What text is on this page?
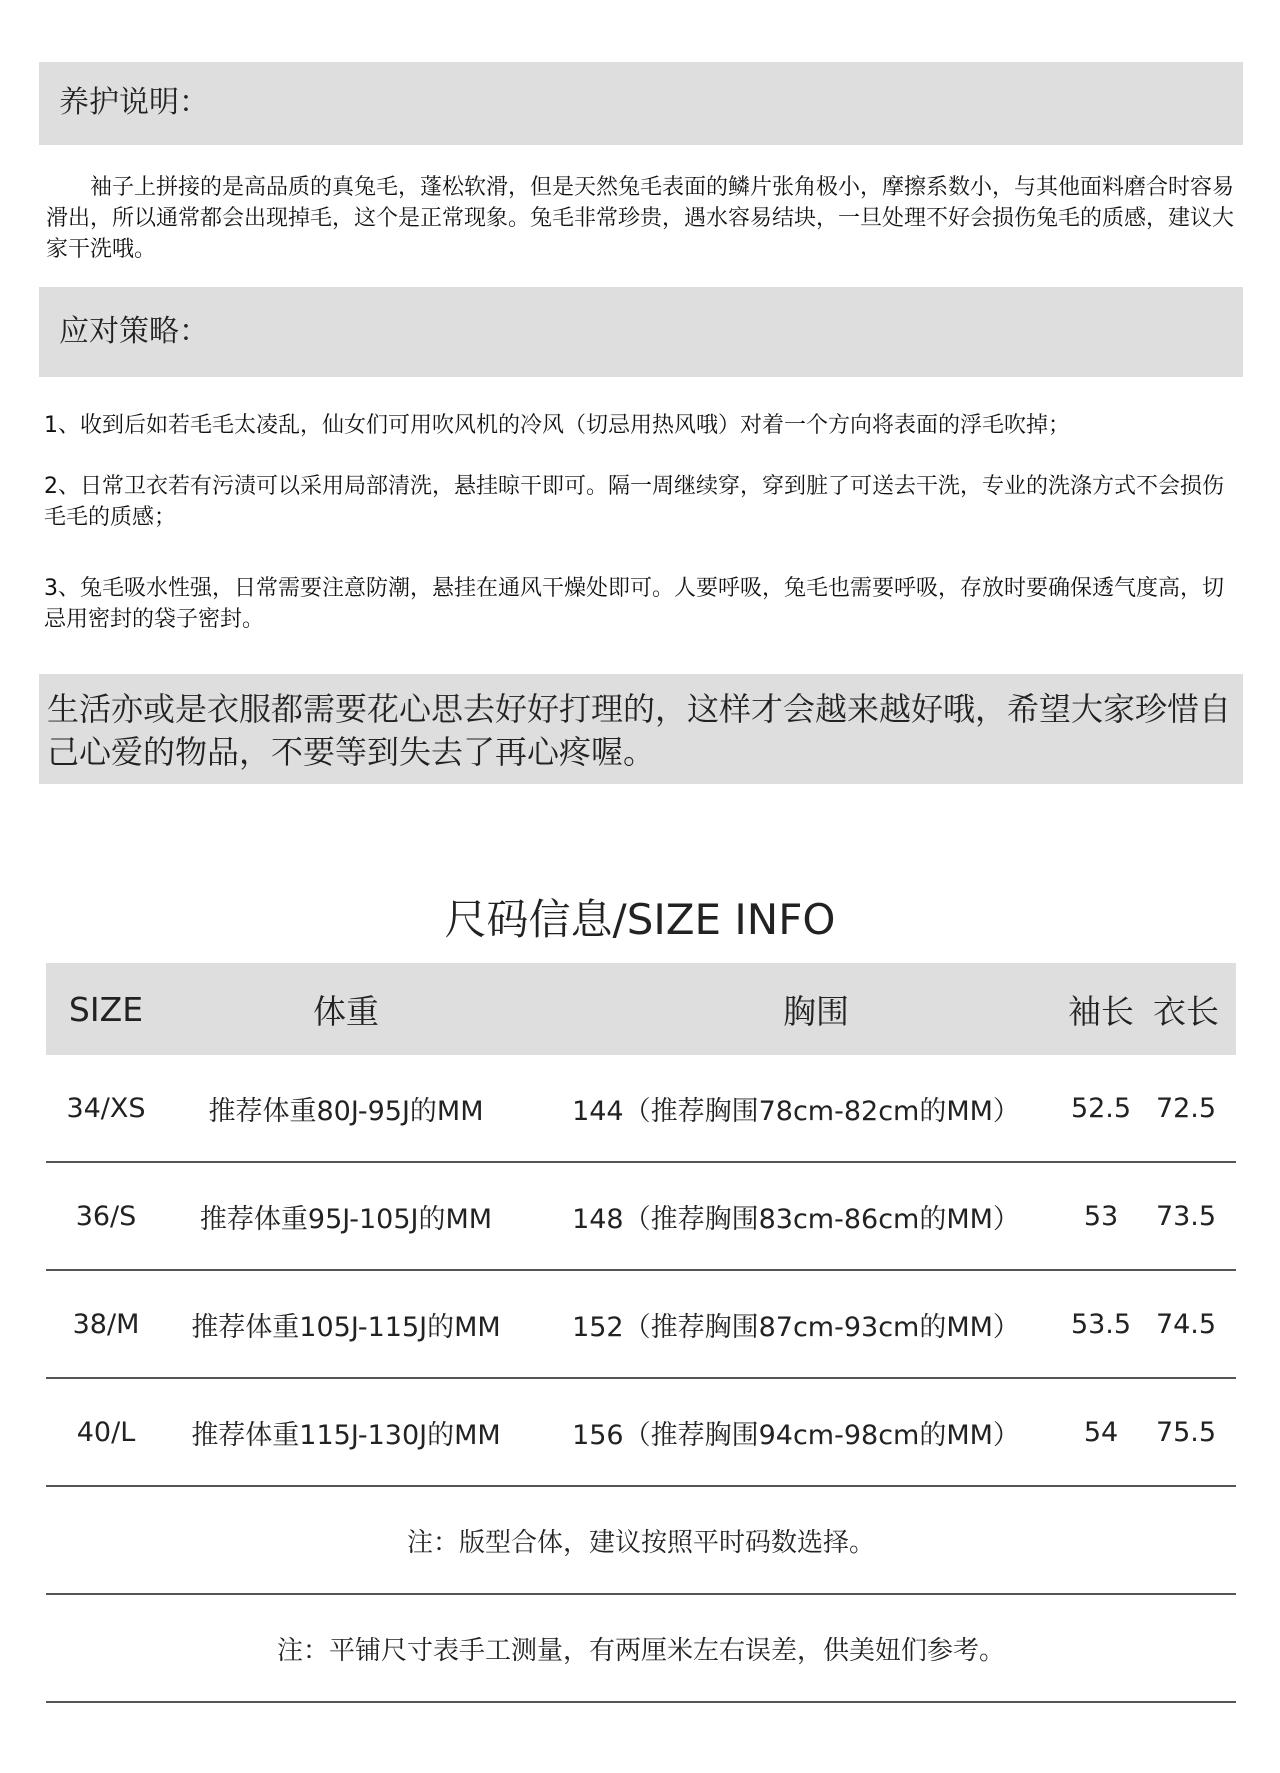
养护说明：

袖子上拼接的是高品质的真兔毛，蓬松软滑，但是天然兔毛表面的鳞片张角极小，摩擦系数小，与其他面料磨合时容易滑出，所以通常都会出现掉毛，这个是正常现象。兔毛非常珍贵，遇水容易结块，一旦处理不好会损伤兔毛的质感，建议大家干洗哦。

应对策略：

1、收到后如若毛毛太凌乱，仙女们可用吹风机的冷风（切忌用热风哦）对着一个方向将表面的浮毛吹掉；

2、日常卫衣若有污渍可以采用局部清洗，悬挂晾干即可。隔一周继续穿，穿到脏了可送去干洗，专业的洗涤方式不会损伤毛毛的质感；

3、兔毛吸水性强，日常需要注意防潮，悬挂在通风干燥处即可。人要呼吸，兔毛也需要呼吸，存放时要确保透气度高，切忌用密封的袋子密封。

生活亦或是衣服都需要花心思去好好打理的，这样才会越来越好哦，希望大家珍惜自己心爱的物品，不要等到失去了再心疼喔。

尺码信息/SIZE INFO
SIZE	体重	胸围	袖长 衣长
34/XS	推荐体重80J-95J的MM	144（推荐胸围78cm-82cm的MM）	52.5 72.5
36/S	推荐体重95J-105J的MM	148（推荐胸围83cm-86cm的MM）	53	73.5
38/M	推荐体重105J-115J的MM	152（推荐胸围87cm-93cm的MM）	53.5 74.5
40/L	推荐体重115J-130J的MM	156（推荐胸围94cm-98cm的MM）	54	75.5
注：版型合体，建议按照平时码数选择。
注：平铺尺寸表手工测量，有两厘米左右误差，供美妞们参考。
